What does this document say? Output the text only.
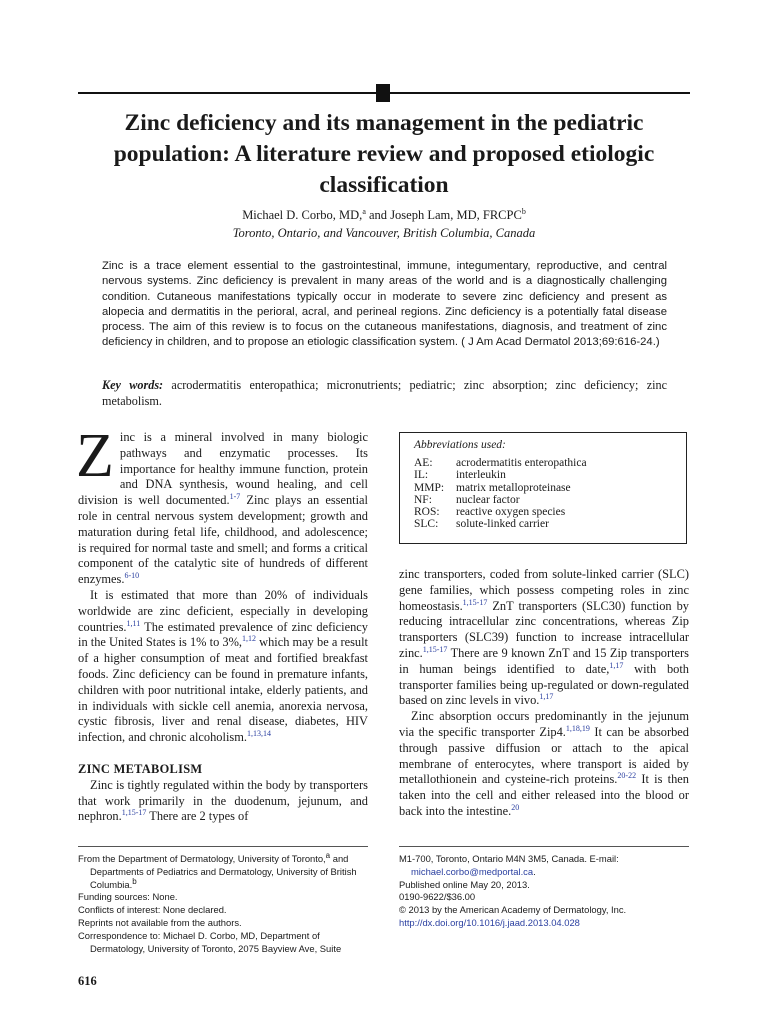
Zinc deficiency and its management in the pediatric population: A literature review and proposed etiologic classification
Michael D. Corbo, MD,$^a$ and Joseph Lam, MD, FRCPC$^b$
Toronto, Ontario, and Vancouver, British Columbia, Canada

Zinc is a trace element essential to the gastrointestinal, immune, integumentary, reproductive, and central nervous systems. Zinc deficiency is prevalent in many areas of the world and is a diagnostically challenging condition. Cutaneous manifestations typically occur in moderate to severe zinc deficiency and present as alopecia and dermatitis in the perioral, acral, and perineal regions. Zinc deficiency is a potentially fatal disease process. The aim of this review is to focus on the cutaneous manifestations, diagnosis, and treatment of zinc deficiency in children, and to propose an etiologic classification system. ( J Am Acad Dermatol 2013;69:616-24.)

Key words: acrodermatitis enteropathica; micronutrients; pediatric; zinc absorption; zinc deficiency; zinc metabolism.

Zinc is a mineral involved in many biologic pathways and enzymatic processes. Its importance for healthy immune function, protein and DNA synthesis, wound healing, and cell division is well documented.$^{1-7}$ Zinc plays an essential role in central nervous system development; growth and maturation during fetal life, childhood, and adolescence; is required for normal taste and smell; and forms a critical component of the catalytic site of hundreds of different enzymes.$^{6-10}$

It is estimated that more than 20% of individuals worldwide are zinc deficient, especially in developing countries.$^{1,11}$ The estimated prevalence of zinc deficiency in the United States is 1% to 3%,$^{1,12}$ which may be a result of a higher consumption of meat and fortified breakfast foods. Zinc deficiency can be found in premature infants, children with poor nutritional intake, elderly patients, and in individuals with sickle cell anemia, anorexia nervosa, cystic fibrosis, liver and renal disease, diabetes, HIV infection, and chronic alcoholism.$^{1,13,14}$

ZINC METABOLISM

Zinc is tightly regulated within the body by transporters that work primarily in the duodenum, jejunum, and nephron.$^{1,15-17}$ There are 2 types of

Abbreviations used:
AE:	acrodermatitis enteropathica
IL:	interleukin
MMP:	matrix metalloproteinase
NF:	nuclear factor
ROS:	reactive oxygen species
SLC:	solute-linked carrier

zinc transporters, coded from solute-linked carrier (SLC) gene families, which possess competing roles in zinc homeostasis.$^{1,15-17}$ ZnT transporters (SLC30) function by reducing intracellular zinc concentrations, whereas Zip transporters (SLC39) function to increase intracellular zinc.$^{1,15-17}$ There are 9 known ZnT and 15 Zip transporters in human beings identified to date,$^{1,17}$ with both transporter families being up-regulated or down-regulated based on zinc levels in vivo.$^{1,17}$

Zinc absorption occurs predominantly in the jejunum via the specific transporter Zip4.$^{1,18,19}$ It can be absorbed through passive diffusion or attach to the apical membrane of enterocytes, where transport is aided by metallothionein and cysteine-rich proteins.$^{20-22}$ It is then taken into the cell and either released into the blood or back into the intestine.$^{20}$

From the Department of Dermatology, University of Toronto,$^a$ and Departments of Pediatrics and Dermatology, University of British Columbia.$^b$
Funding sources: None.
Conflicts of interest: None declared.
Reprints not available from the authors.
Correspondence to: Michael D. Corbo, MD, Department of Dermatology, University of Toronto, 2075 Bayview Ave, Suite
M1-700, Toronto, Ontario M4N 3M5, Canada. E-mail: michael.corbo@medportal.ca.
Published online May 20, 2013.
0190-9622/$36.00
© 2013 by the American Academy of Dermatology, Inc.
http://dx.doi.org/10.1016/j.jaad.2013.04.028
616
